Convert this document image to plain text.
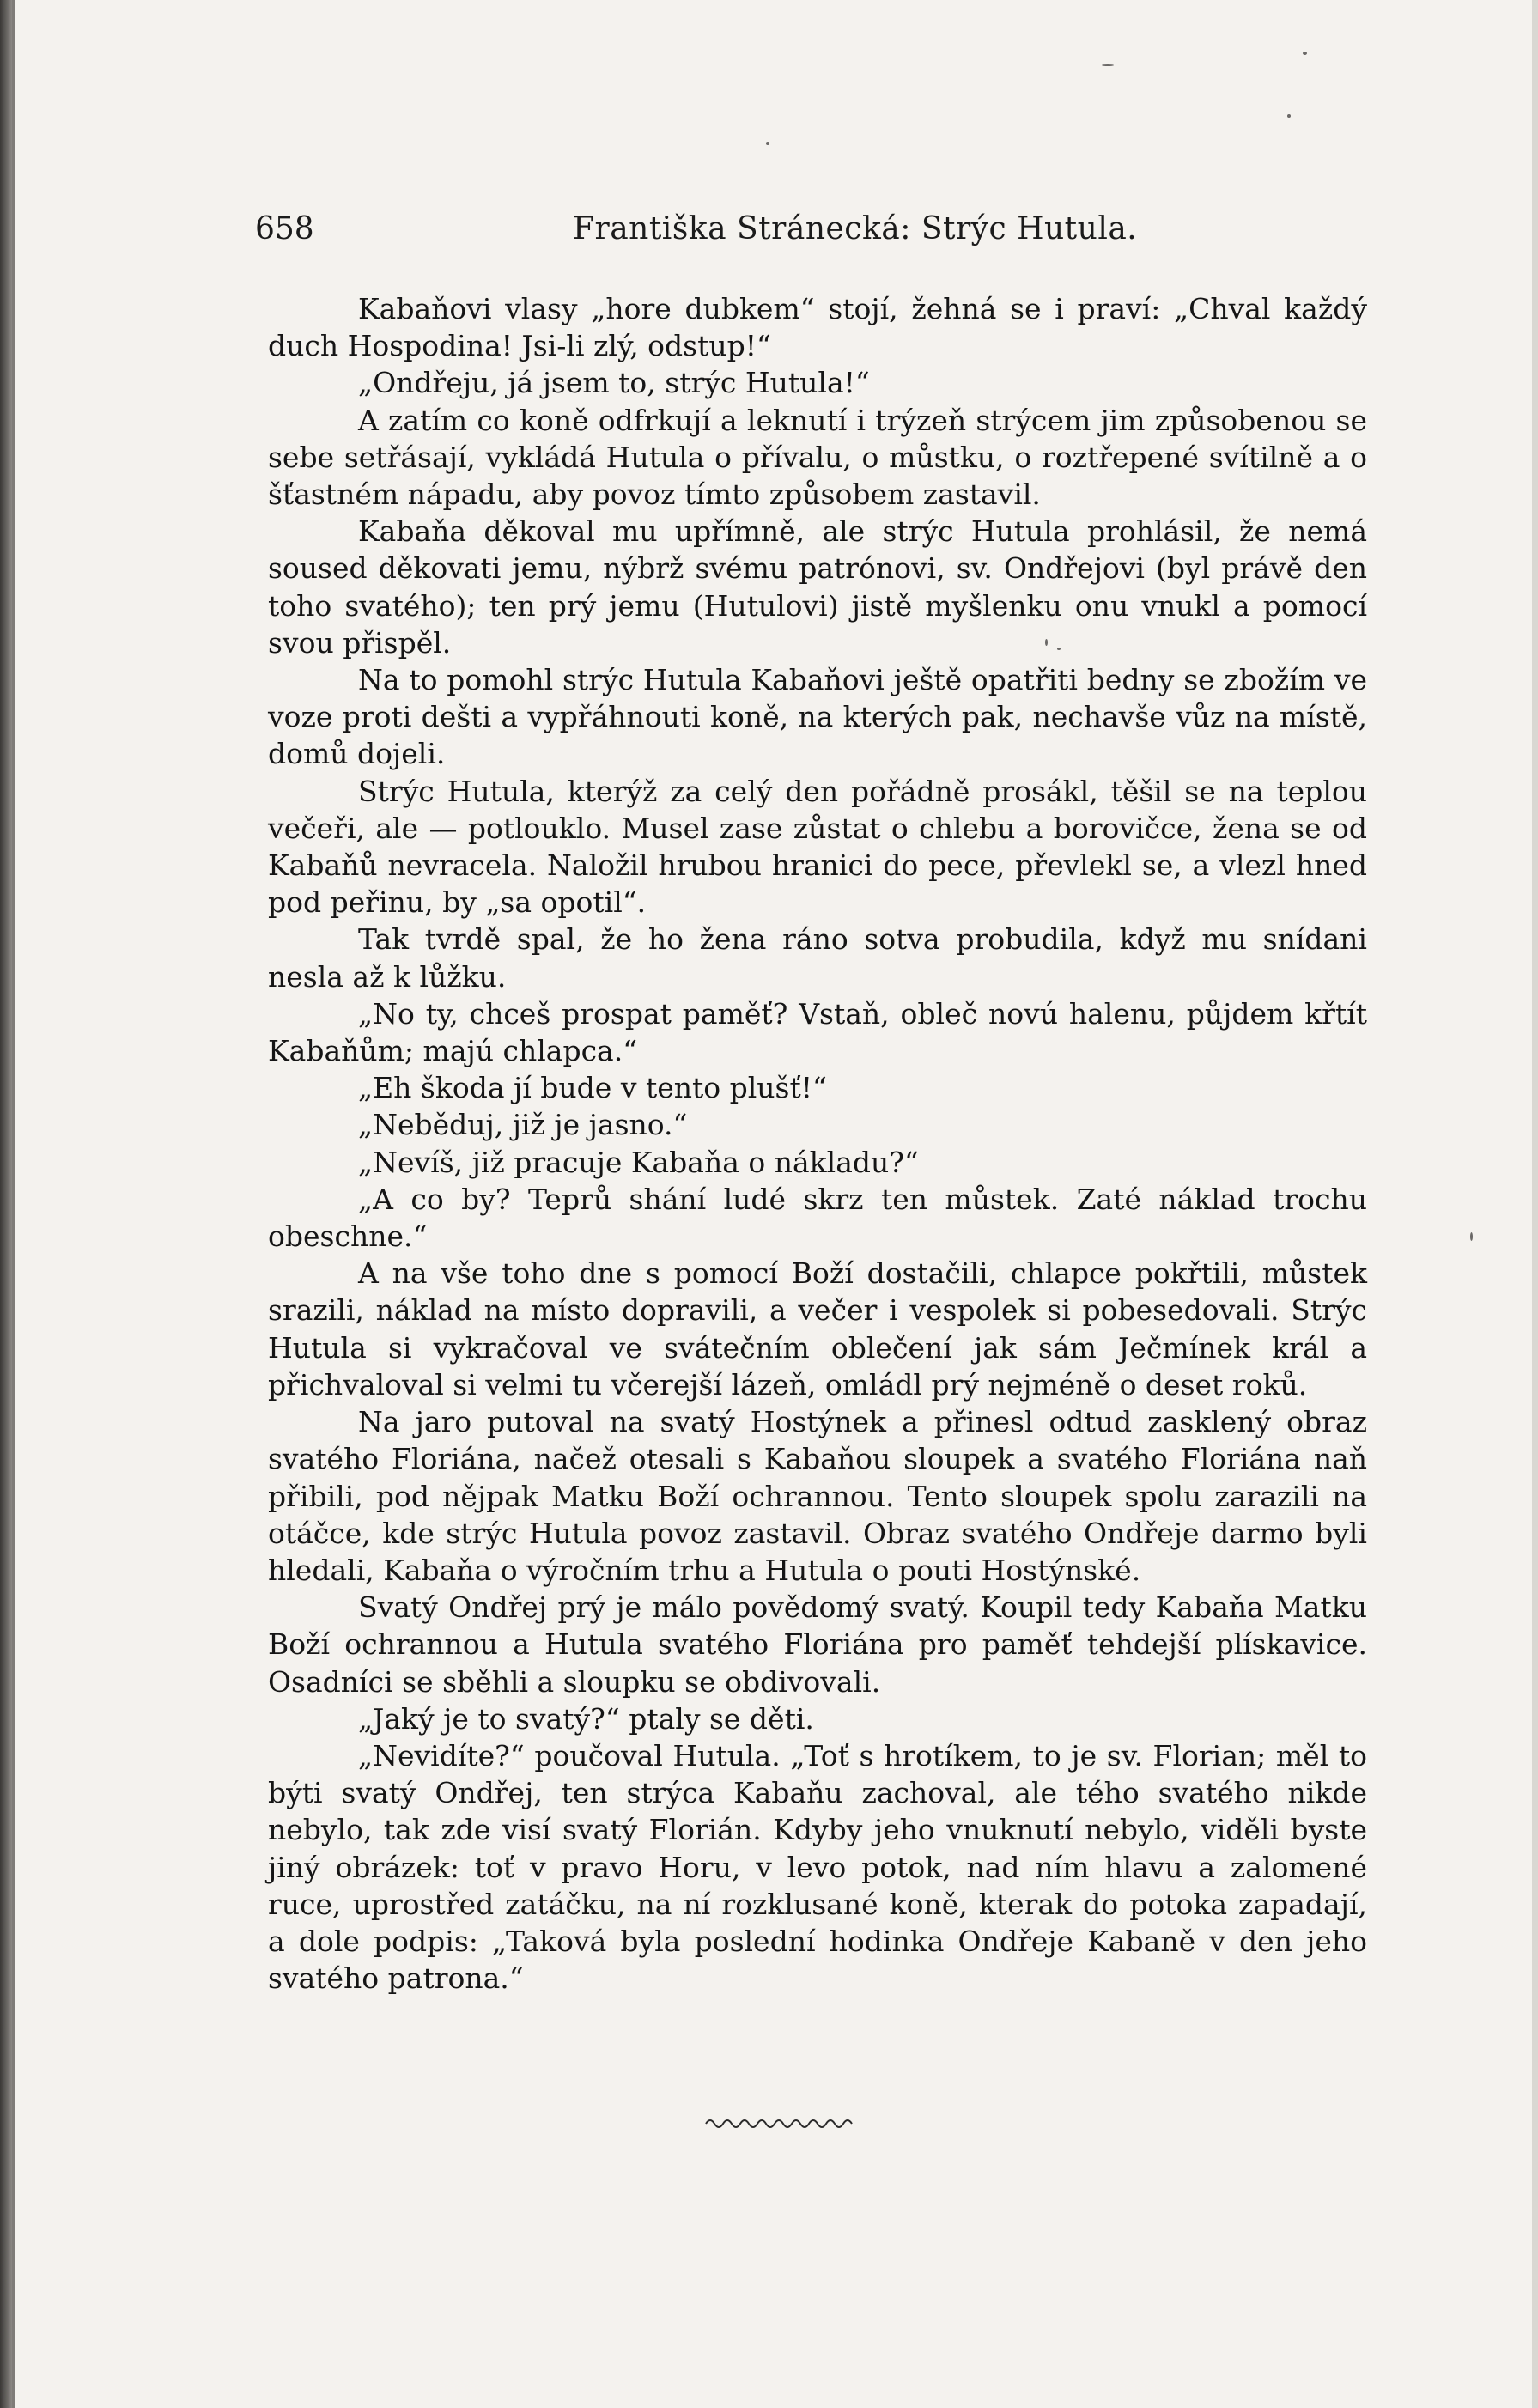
658	Františka Stránecká: Strýc Hutula.

Kabaňovi vlasy „hore dubkem“ stojí, žehná se i praví: „Chval každý duch Hospodina! Jsi-li zlý, odstup!“

„Ondřeju, já jsem to, strýc Hutula!“

A zatím co koně odfrkují a leknutí i trýzeň strýcem jim způsobenou se sebe setřásají, vykládá Hutula o přívalu, o můstku, o roztřepené svítilně a o šťastném nápadu, aby povoz tímto způsobem zastavil.

Kabaňa děkoval mu upřímně, ale strýc Hutula prohlásil, že nemá soused děkovati jemu, nýbrž svému patrónovi, sv. Ondřejovi (byl právě den toho svatého); ten prý jemu (Hutulovi) jistě myšlenku onu vnukl a pomocí svou přispěl.

Na to pomohl strýc Hutula Kabaňovi ještě opatřiti bedny se zbožím ve voze proti dešti a vypřáhnouti koně, na kterých pak, nechavše vůz na místě, domů dojeli.

Strýc Hutula, kterýž za celý den pořádně prosákl, těšil se na teplou večeři, ale — potlouklo. Musel zase zůstat o chlebu a borovičce, žena se od Kabaňů nevracela. Naložil hrubou hranici do pece, převlekl se, a vlezl hned pod peřinu, by „sa opotil“.

Tak tvrdě spal, že ho žena ráno sotva probudila, když mu snídani nesla až k lůžku.

„No ty, chceš prospat paměť? Vstaň, obleč novú halenu, půjdem křtít Kabaňům; majú chlapca.“

„Eh škoda jí bude v tento plušť!“

„Neběduj, již je jasno.“

„Nevíš, již pracuje Kabaňa o nákladu?“

„A co by? Teprů shání ludé skrz ten můstek. Zaté náklad trochu obeschne.“

A na vše toho dne s pomocí Boží dostačili, chlapce pokřtili, můstek srazili, náklad na místo dopravili, a večer i vespolek si pobesedovali. Strýc Hutula si vykračoval ve svátečním oblečení jak sám Ječmínek král a přichvaloval si velmi tu včerejší lázeň, omládl prý nejméně o deset roků.

Na jaro putoval na svatý Hostýnek a přinesl odtud zasklený obraz svatého Floriána, načež otesali s Kabaňou sloupek a svatého Floriána naň přibili, pod nějpak Matku Boží ochrannou. Tento sloupek spolu zarazili na otáčce, kde strýc Hutula povoz zastavil. Obraz svatého Ondřeje darmo byli hledali, Kabaňa o výročním trhu a Hutula o pouti Hostýnské.

Svatý Ondřej prý je málo povědomý svatý. Koupil tedy Kabaňa Matku Boží ochrannou a Hutula svatého Floriána pro paměť tehdejší plískavice. Osadníci se sběhli a sloupku se obdivovali.

„Jaký je to svatý?“ ptaly se děti.

„Nevidíte?“ poučoval Hutula. „Toť s hrotíkem, to je sv. Florian; měl to býti svatý Ondřej, ten strýca Kabaňu zachoval, ale tého svatého nikde nebylo, tak zde visí svatý Florián. Kdyby jeho vnuknutí nebylo, viděli byste jiný obrázek: toť v pravo Horu, v levo potok, nad ním hlavu a zalomené ruce, uprostřed zatáčku, na ní rozklusané koně, kterak do potoka zapadají, a dole podpis: „Taková byla poslední hodinka Ondřeje Kabaně v den jeho svatého patrona.“
